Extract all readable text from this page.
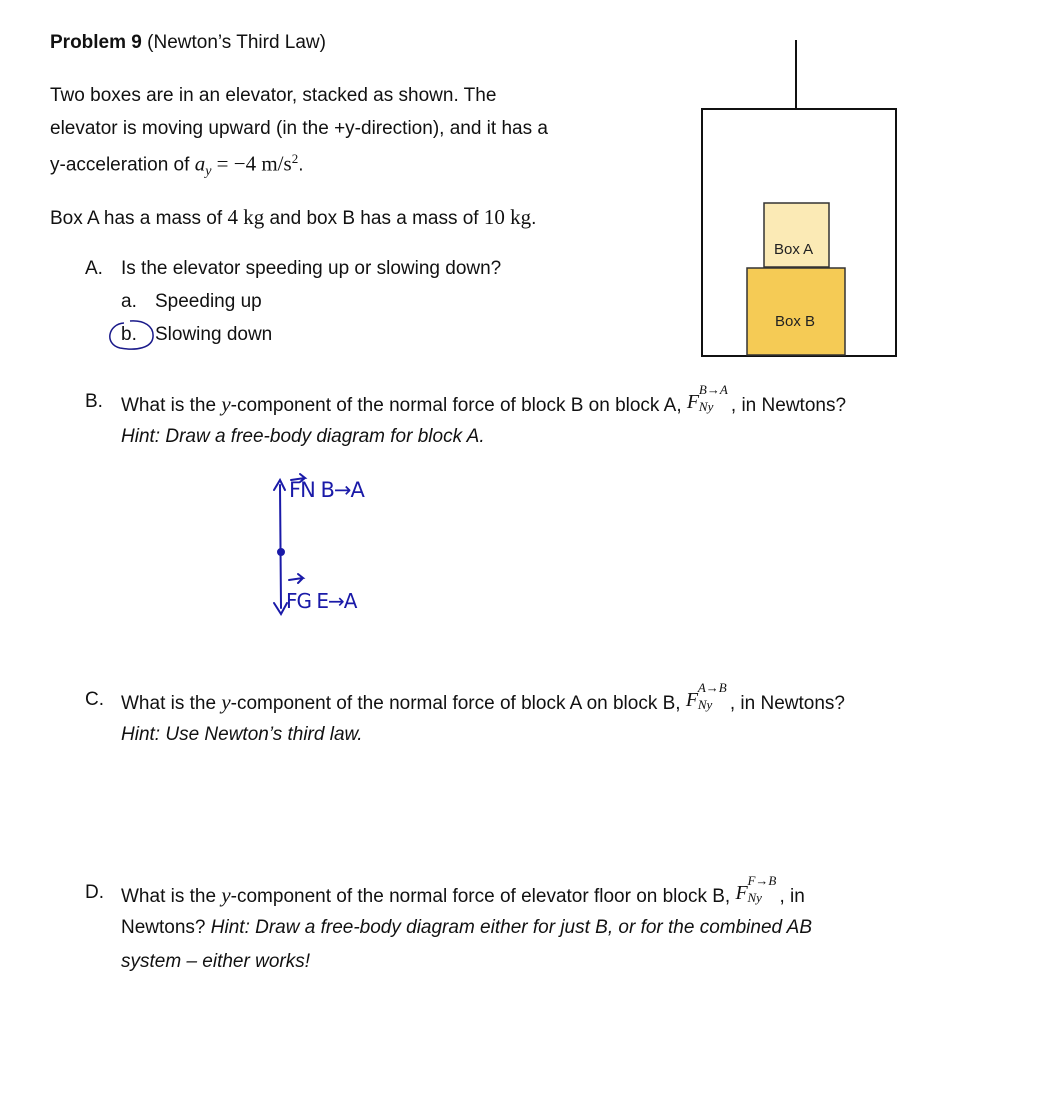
Problem 9 (Newton’s Third Law)
Two boxes are in an elevator, stacked as shown. The
elevator is moving upward (in the +y-direction), and it has a
y-acceleration of $a_y = -4$ $m/s^2$.
Box A has a mass of 4 kg and box B has a mass of 10 kg.
A. Is the elevator speeding up or slowing down?
a. Speeding up
b. Slowing down
Box A
Box B
B. What is the y-component of the normal force of block B on block A, F
B→A
Ny , in Newtons?
Hint: Draw a free-body diagram for block A.
FN B→A
FG E→A
C. What is the y-component of the normal force of block A on block B, F
A→B
Ny , in Newtons?
Hint: Use Newton’s third law.
D. What is the y-component of the normal force of elevator floor on block B, F
F→B
Ny , in
Newtons? Hint: Draw a free-body diagram either for just B, or for the combined AB
system – either works!
